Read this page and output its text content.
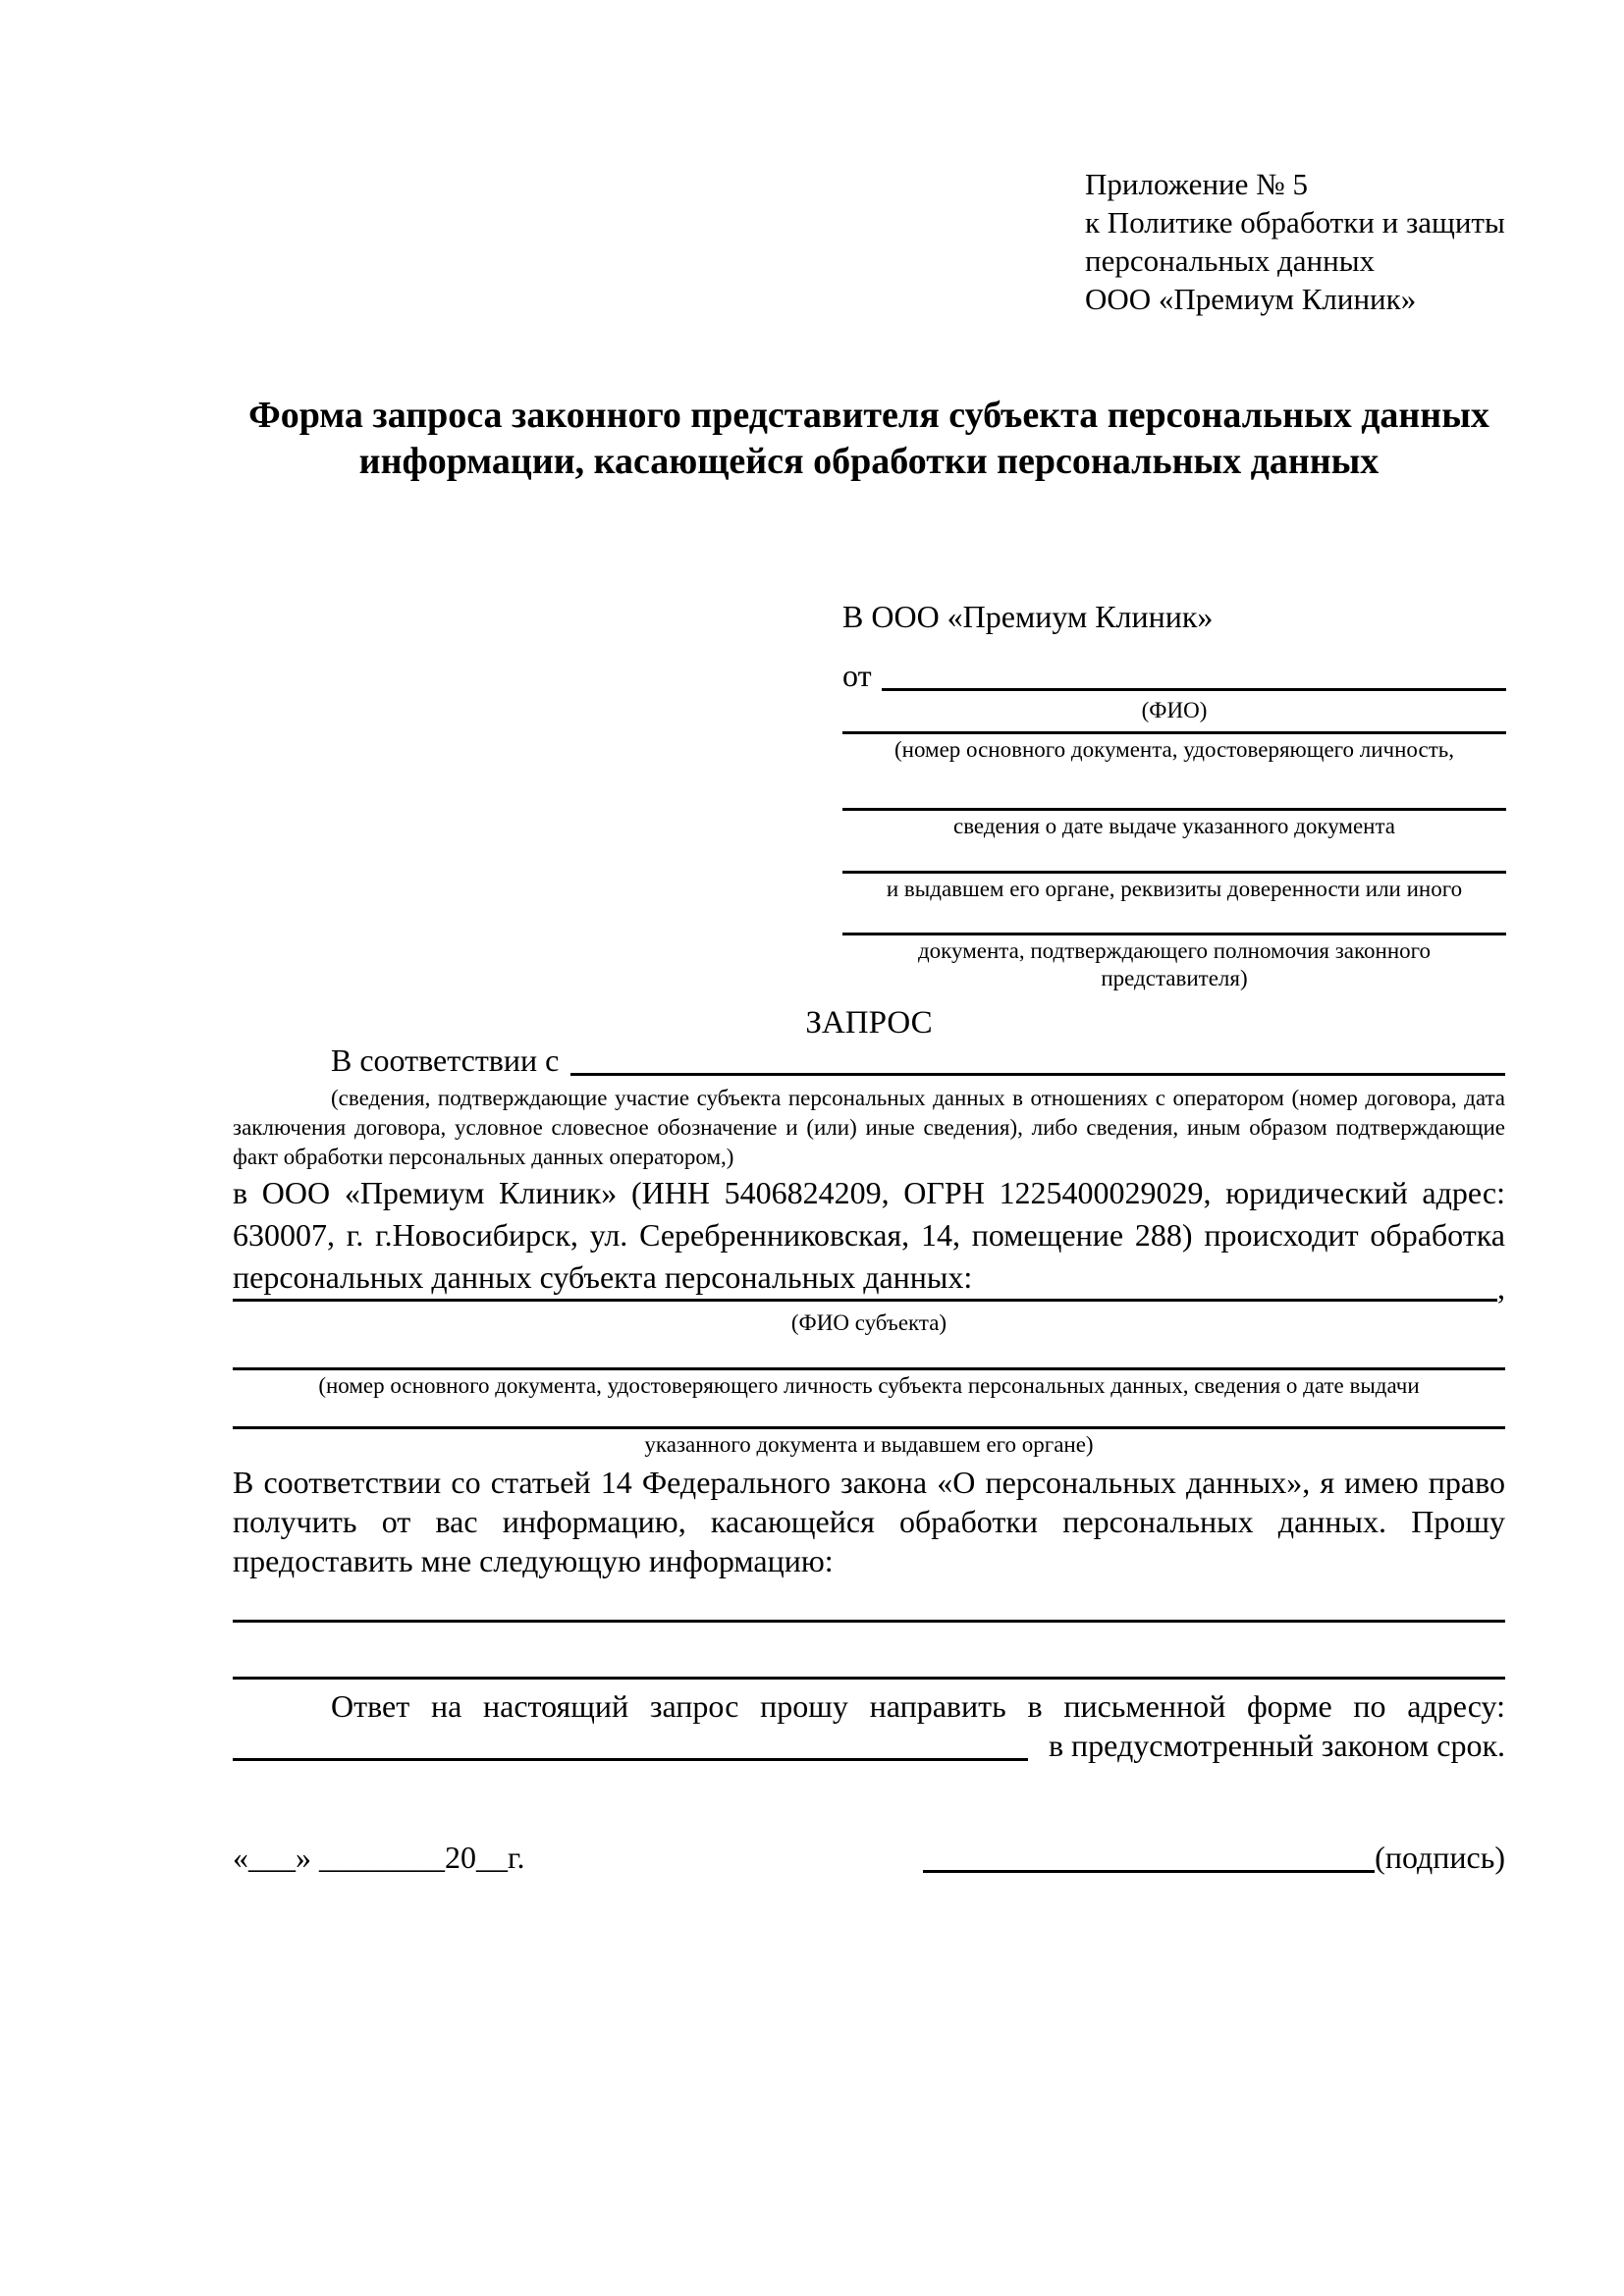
Приложение № 5
к Политике обработки и защиты
персональных данных
ООО «Премиум Клиник»
Форма запроса законного представителя субъекта персональных данных
информации, касающейся обработки персональных данных
В ООО «Премиум Клиник»
от
(ФИО)
(номер основного документа, удостоверяющего личность,
сведения о дате выдаче указанного документа
и выдавшем его органе, реквизиты доверенности или иного
документа, подтверждающего полномочия законного представителя)
ЗАПРОС
В соответствии с
(сведения, подтверждающие участие субъекта персональных данных в отношениях с оператором (номер договора, дата заключения договора, условное словесное обозначение и (или) иные сведения), либо сведения, иным образом подтверждающие факт обработки персональных данных оператором,)
в ООО «Премиум Клиник» (ИНН 5406824209, ОГРН 1225400029029, юридический адрес: 630007, г. г.Новосибирск, ул. Серебренниковская, 14, помещение 288) происходит обработка персональных данных субъекта персональных данных:	,
(ФИО субъекта)
(номер основного документа, удостоверяющего личность субъекта персональных данных, сведения о дате выдачи
указанного документа и выдавшем его органе)
В соответствии со статьей 14 Федерального закона «О персональных данных», я имею право получить от вас информацию, касающейся обработки персональных данных. Прошу предоставить мне следующую информацию:
Ответ на настоящий запрос прошу направить в письменной форме по адресу:
в предусмотренный законом срок.
«___» ________20__г.	(подпись)
